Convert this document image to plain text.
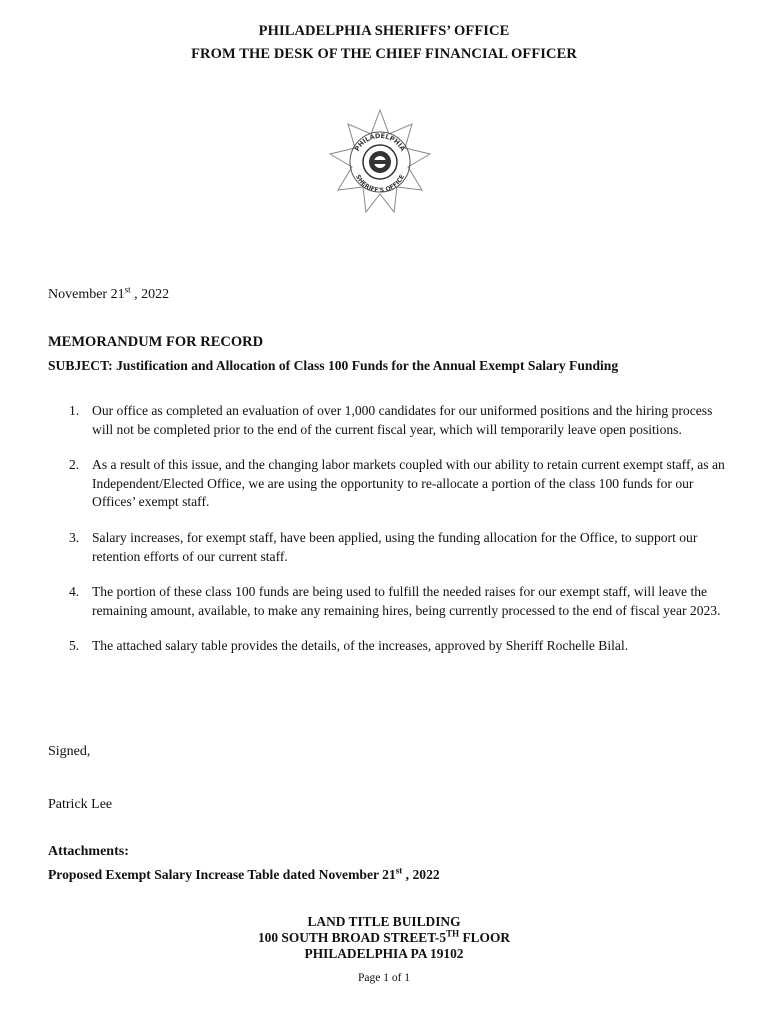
PHILADELPHIA SHERIFFS’ OFFICE
FROM THE DESK OF THE CHIEF FINANCIAL OFFICER
PHILADELPHIA
SHERIFF'S OFFICE
November 21st , 2022
MEMORANDUM FOR RECORD
SUBJECT: Justification and Allocation of Class 100 Funds for the Annual Exempt Salary Funding
1. Our office as completed an evaluation of over 1,000 candidates for our uniformed positions and the hiring process will not be completed prior to the end of the current fiscal year, which will temporarily leave open positions.
2. As a result of this issue, and the changing labor markets coupled with our ability to retain current exempt staff, as an Independent/Elected Office, we are using the opportunity to re-allocate a portion of the class 100 funds for our Offices’ exempt staff.
3. Salary increases, for exempt staff, have been applied, using the funding allocation for the Office, to support our retention efforts of our current staff.
4. The portion of these class 100 funds are being used to fulfill the needed raises for our exempt staff, will leave the remaining amount, available, to make any remaining hires, being currently processed to the end of fiscal year 2023.
5. The attached salary table provides the details, of the increases, approved by Sheriff Rochelle Bilal.
Signed,
Patrick Lee
Attachments:
Proposed Exempt Salary Increase Table dated November 21st , 2022
LAND TITLE BUILDING
100 SOUTH BROAD STREET-5TH FLOOR
PHILADELPHIA PA 19102
Page 1 of 1
